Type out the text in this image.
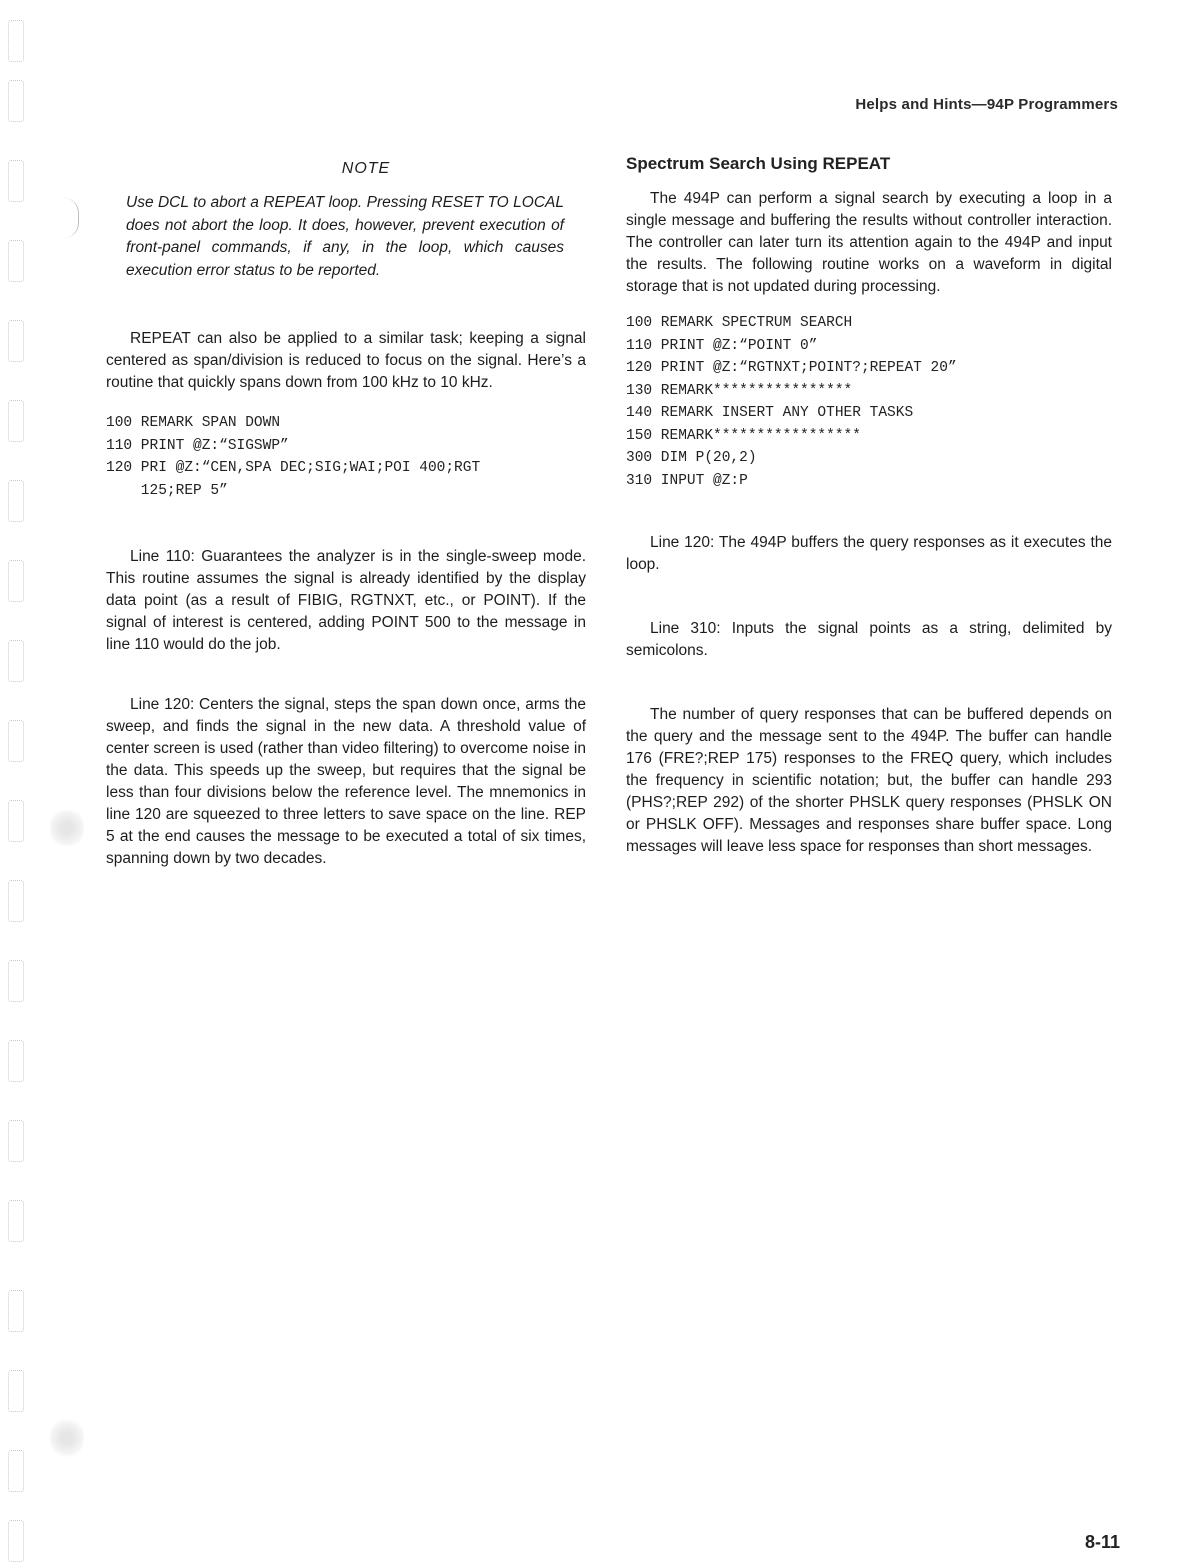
Helps and Hints—94P Programmers
NOTE
Use DCL to abort a REPEAT loop. Pressing RESET TO LOCAL does not abort the loop. It does, however, prevent execution of front-panel commands, if any, in the loop, which causes execution error status to be reported.

REPEAT can also be applied to a similar task; keeping a signal centered as span/division is reduced to focus on the signal. Here’s a routine that quickly spans down from 100 kHz to 10 kHz.

100 REMARK SPAN DOWN
110 PRINT @Z:“SIGSWP”
120 PRI @Z:“CEN,SPA DEC;SIG;WAI;POI 400;RGT
125;REP 5”

Line 110: Guarantees the analyzer is in the single-sweep mode. This routine assumes the signal is already identified by the display data point (as a result of FIBIG, RGTNXT, etc., or POINT). If the signal of interest is centered, adding POINT 500 to the message in line 110 would do the job.

Line 120: Centers the signal, steps the span down once, arms the sweep, and finds the signal in the new data. A threshold value of center screen is used (rather than video filtering) to overcome noise in the data. This speeds up the sweep, but requires that the signal be less than four divisions below the reference level. The mnemonics in line 120 are squeezed to three letters to save space on the line. REP 5 at the end causes the message to be executed a total of six times, spanning down by two decades.

Spectrum Search Using REPEAT

The 494P can perform a signal search by executing a loop in a single message and buffering the results without controller interaction. The controller can later turn its attention again to the 494P and input the results. The following routine works on a waveform in digital storage that is not updated during processing.

100 REMARK SPECTRUM SEARCH
110 PRINT @Z:“POINT 0”
120 PRINT @Z:“RGTNXT;POINT?;REPEAT 20”
130 REMARK****************
140 REMARK INSERT ANY OTHER TASKS
150 REMARK*****************
300 DIM P(20,2)
310 INPUT @Z:P

Line 120: The 494P buffers the query responses as it executes the loop.

Line 310: Inputs the signal points as a string, delimited by semicolons.

The number of query responses that can be buffered depends on the query and the message sent to the 494P. The buffer can handle 176 (FRE?;REP 175) responses to the FREQ query, which includes the frequency in scientific notation; but, the buffer can handle 293 (PHS?;REP 292) of the shorter PHSLK query responses (PHSLK ON or PHSLK OFF). Messages and responses share buffer space. Long messages will leave less space for responses than short messages.

8-11
